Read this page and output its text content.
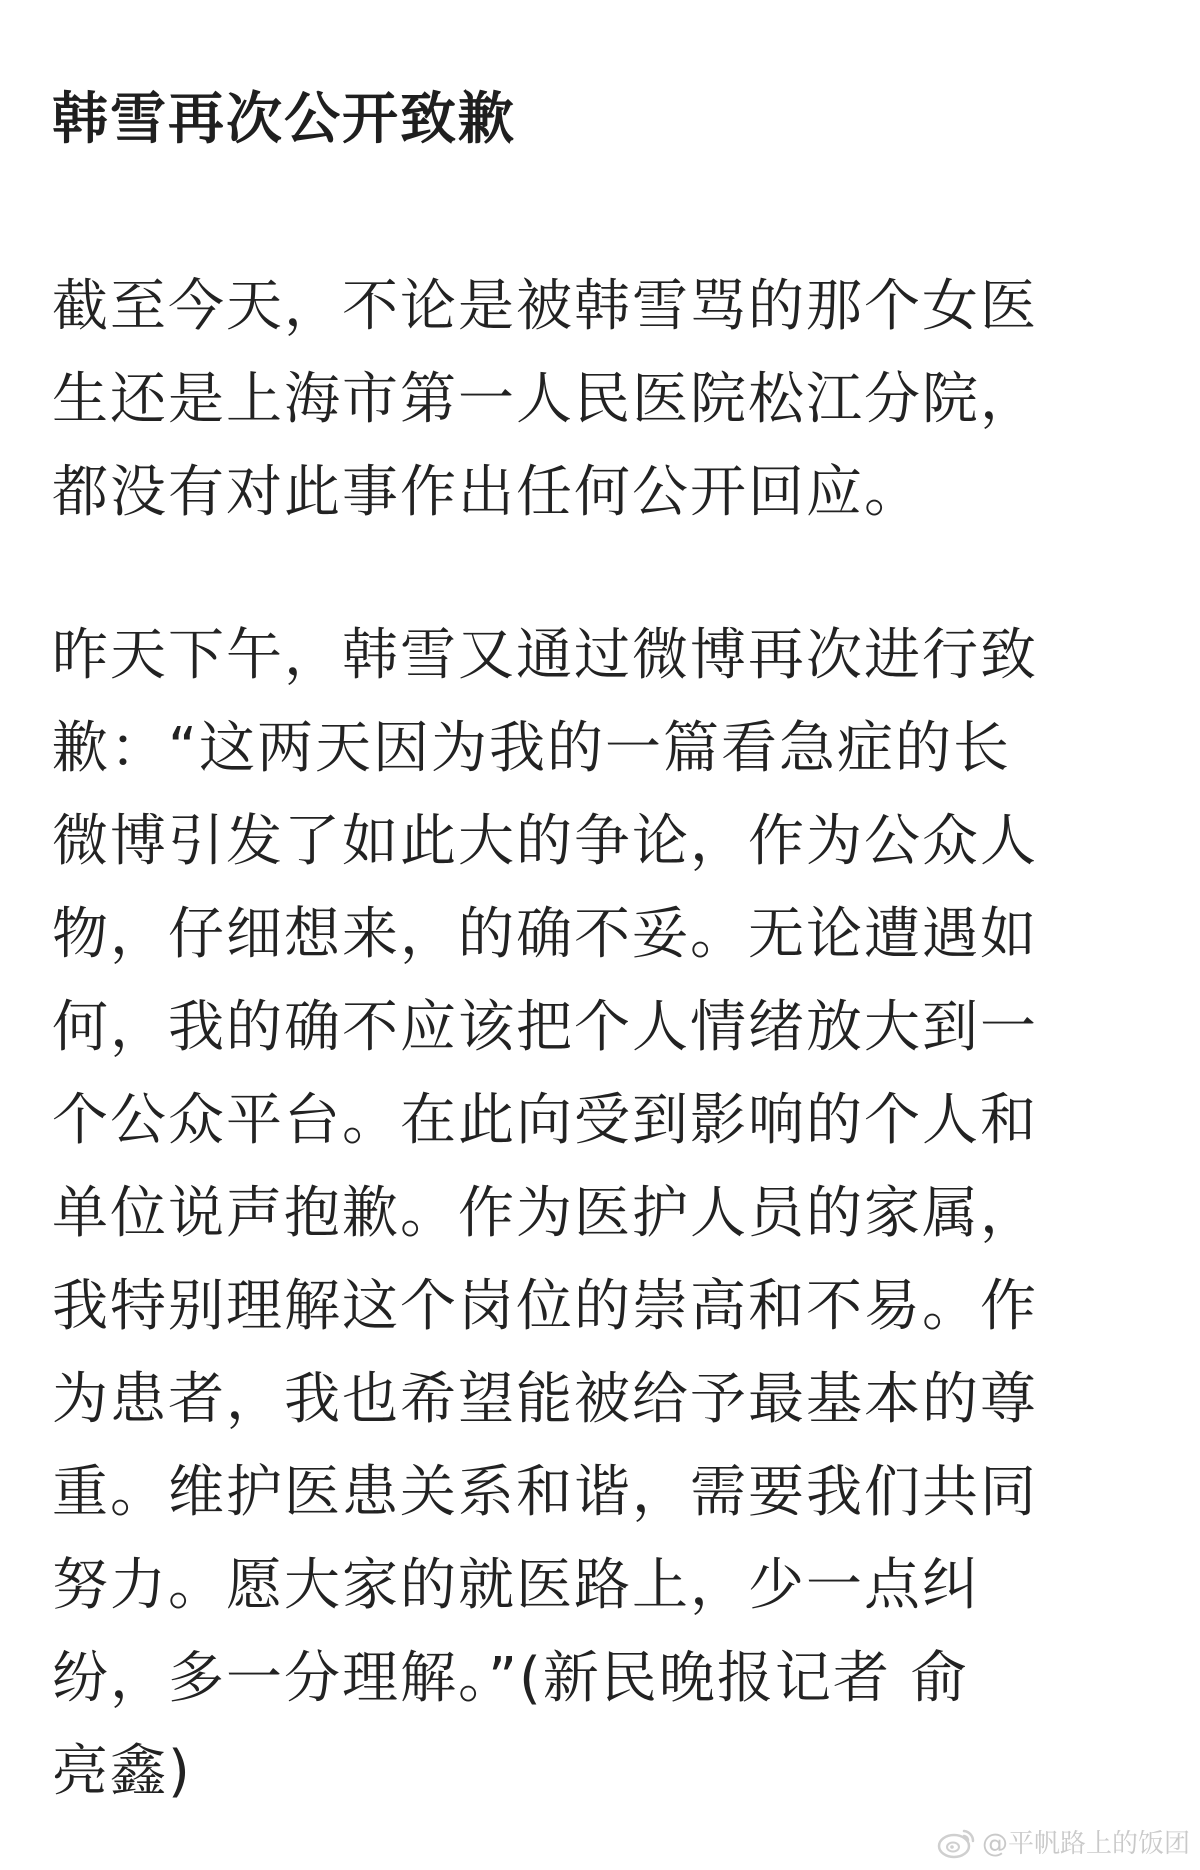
韩雪再次公开致歉

截至今天，不论是被韩雪骂的那个女医
生还是上海市第一人民医院松江分院，
都没有对此事作出任何公开回应。

昨天下午，韩雪又通过微博再次进行致
歉：“这两天因为我的一篇看急症的长
微博引发了如此大的争论，作为公众人
物，仔细想来，的确不妥。无论遭遇如
何，我的确不应该把个人情绪放大到一
个公众平台。在此向受到影响的个人和
单位说声抱歉。作为医护人员的家属，
我特别理解这个岗位的崇高和不易。作
为患者，我也希望能被给予最基本的尊
重。维护医患关系和谐，需要我们共同
努力。愿大家的就医路上，少一点纠
纷，多一分理解。”(新民晚报记者 俞
亮鑫)

@平帆路上的饭团
